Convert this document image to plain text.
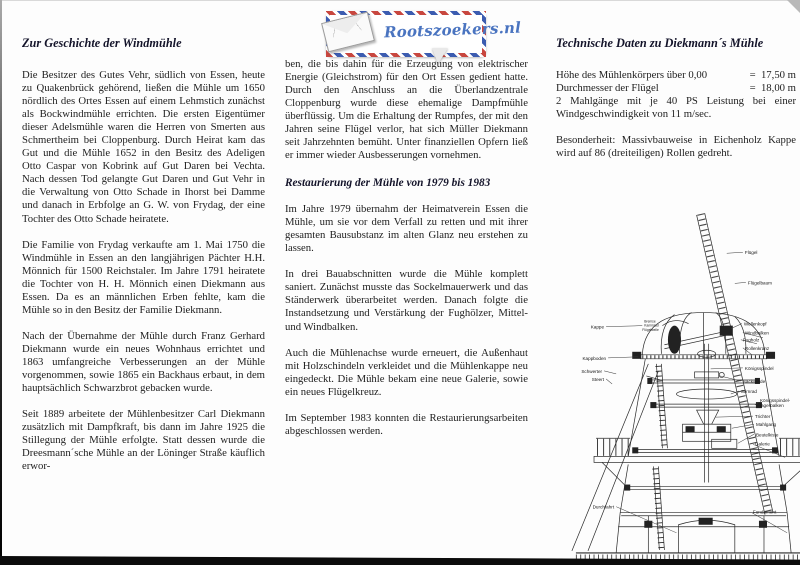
Rootszoekers.nl
Zur Geschichte der Windmühle

Die Besitzer des Gutes Vehr, südlich von Essen, heute zu Quakenbrück gehörend, ließen die Mühle um 1650 nördlich des Ortes Essen auf einem Lehmstich zunächst als Bockwindmühle errichten. Die ersten Eigentümer dieser Adelsmühle waren die Herren von Smerten aus Schmertheim bei Cloppenburg. Durch Heirat kam das Gut und die Mühle 1652 in den Besitz des Adeligen Otto Caspar von Kobrink auf Gut Daren bei Vechta. Nach dessen Tod gelangte Gut Daren und Gut Vehr in die Verwaltung von Otto Schade in Ihorst bei Damme und danach in Erbfolge an G. W. von Frydag, der eine Tochter des Otto Schade heiratete.

Die Familie von Frydag verkaufte am 1. Mai 1750 die Windmühle in Essen an den langjährigen Pächter H.H. Mönnich für 1500 Reichstaler. Im Jahre 1791 heiratete die Tochter von H. H. Mönnich einen Diekmann aus Essen. Da es an männlichen Erben fehlte, kam die Mühle so in den Besitz der Familie Diekmann.

Nach der Übernahme der Mühle durch Franz Gerhard Diekmann wurde ein neues Wohnhaus errichtet und 1863 umfangreiche Verbesserungen an der Mühle vorgenommen, sowie 1865 ein Backhaus erbaut, in dem hauptsächlich Schwarzbrot gebacken wurde.

Seit 1889 arbeitete der Mühlenbesitzer Carl Diekmann zusätzlich mit Dampfkraft, bis dann im Jahre 1925 die Stillegung der Mühle erfolgte. Statt dessen wurde die Dreesmann´sche Mühle an der Löninger Straße käuflich erwor-

ben, die bis dahin für die Erzeugung von elektrischer Energie (Gleichstrom) für den Ort Essen gedient hatte. Durch den Anschluss an die Überlandzentrale Cloppenburg wurde diese ehemalige Dampfmühle überflüssig. Um die Erhaltung der Rumpfes, der mit den Jahren seine Flügel verlor, hat sich Müller Diekmann seit Jahrzehnten bemüht. Unter finanziellen Opfern ließ er immer wieder Ausbesserungen vornehmen.

Restaurierung der Mühle von 1979 bis 1983

Im Jahre 1979 übernahm der Heimatverein Essen die Mühle, um sie vor dem Verfall zu retten und mit ihrer gesamten Bausubstanz im alten Glanz neu erstehen zu lassen.

In drei Bauabschnitten wurde die Mühle komplett saniert. Zunächst musste das Sockelmauerwerk und das Ständerwerk überarbeitet werden. Danach folgte die Instandsetzung und Verstärkung der Fughölzer, Mittel- und Windbalken.

Auch die Mühlenachse wurde erneuert, die Außenhaut mit Holzschindeln verkleidet und die Mühlenkappe neu eingedeckt. Die Mühle bekam eine neue Galerie, sowie ein neues Flügelkreuz.

Im September 1983 konnten die Restaurierungsarbeiten abgeschlossen werden.

Technische Daten zu Diekmann´s Mühle
Höhe des Mühlenkörpers über 0,00	=  17,50 m
Durchmesser der Flügel	=  18,00 m

2 Mahlgänge mit je 40 PS Leistung bei einer Windgeschwindigkeit von 11 m/sec.

Besonderheit: Massivbauweise in Eichenholz Kappe wird auf 86 (dreiteiligen) Rollen gedreht.

Flügel
Flügelbaum
Wellenkopf
Windbalken
Fugholz
Rollenkranz
Königsspindel
Sackwinde
Stirnrad
Königsspindel-
lagerbalken
Trichter
Mahlgang
Beutelkiste
Galerie
Fundament
Kappe
Kappboden
Schwerter
Steert
Durchfahrt
Bremse
Kammrad
Flügelwelle
